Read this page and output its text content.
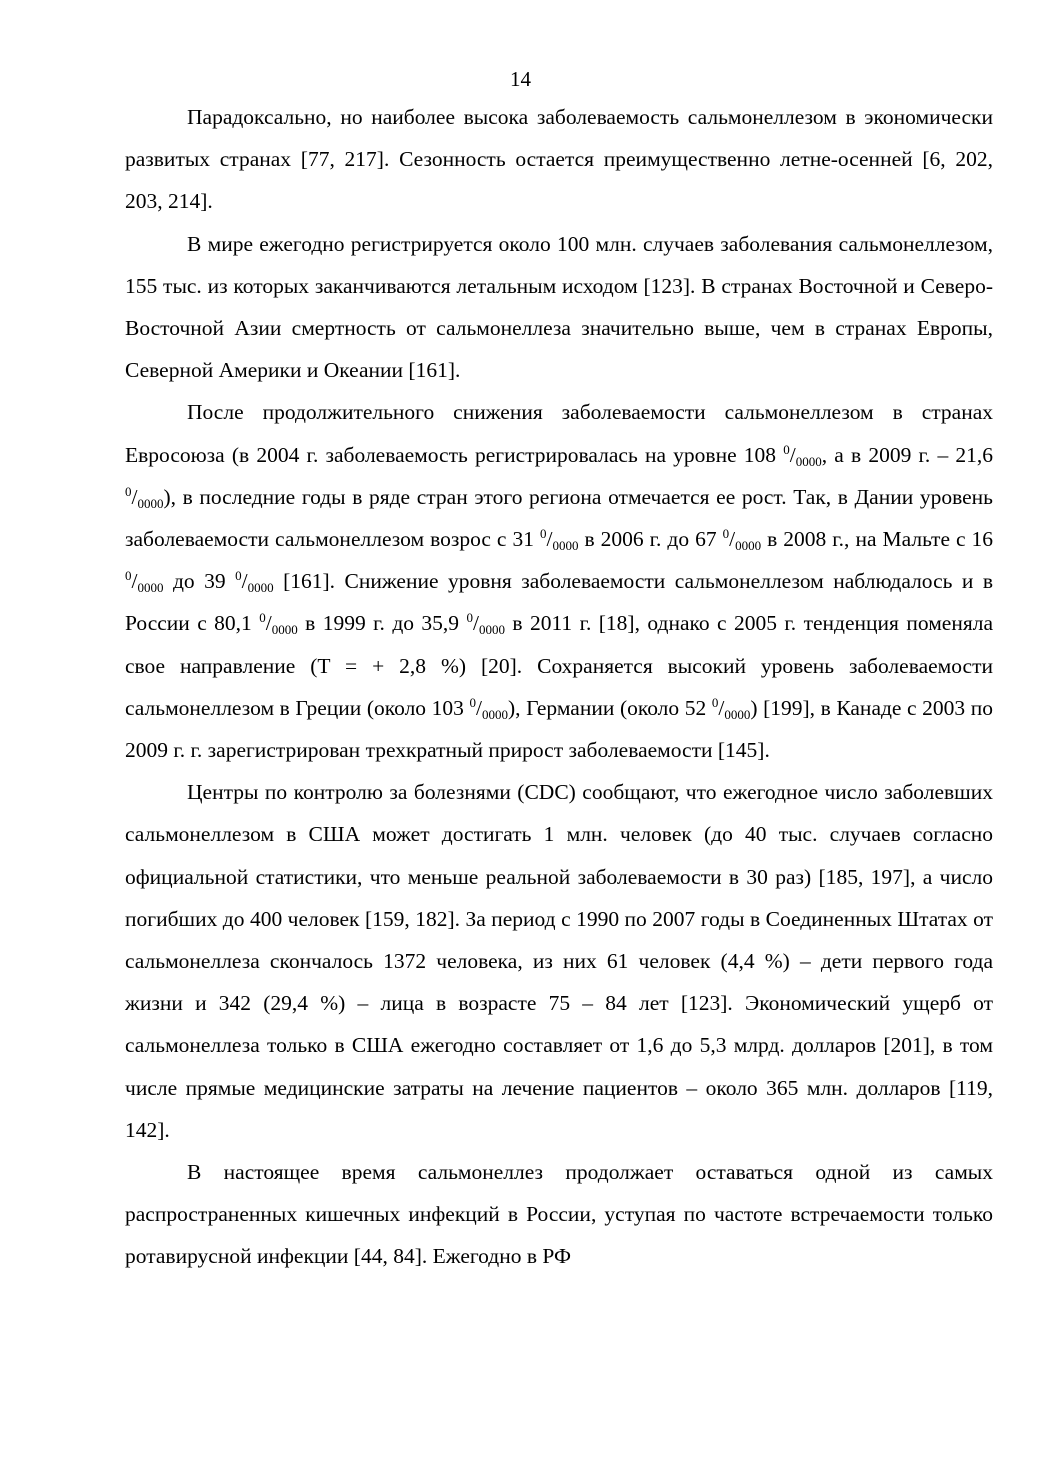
14

Парадоксально, но наиболее высока заболеваемость сальмонеллезом в экономически развитых странах [77, 217]. Сезонность остается преимущественно летне-осенней [6, 202, 203, 214].

В мире ежегодно регистрируется около 100 млн. случаев заболевания сальмонеллезом, 155 тыс. из которых заканчиваются летальным исходом [123]. В странах Восточной и Северо-Восточной Азии смертность от сальмонеллеза значительно выше, чем в странах Европы, Северной Америки и Океании [161].

После продолжительного снижения заболеваемости сальмонеллезом в странах Евросоюза (в 2004 г. заболеваемость регистрировалась на уровне 108 $^0/_{0000}$, а в 2009 г. – 21,6 $^0/_{0000}$), в последние годы в ряде стран этого региона отмечается ее рост. Так, в Дании уровень заболеваемости сальмонеллезом возрос с 31 $^0/_{0000}$ в 2006 г. до 67 $^0/_{0000}$ в 2008 г., на Мальте с 16 $^0/_{0000}$ до 39 $^0/_{0000}$ [161]. Снижение уровня заболеваемости сальмонеллезом наблюдалось и в России с 80,1 $^0/_{0000}$ в 1999 г. до 35,9 $^0/_{0000}$ в 2011 г. [18], однако с 2005 г. тенденция поменяла свое направление (T = + 2,8 %) [20]. Сохраняется высокий уровень заболеваемости сальмонеллезом в Греции (около 103 $^0/_{0000}$), Германии (около 52 $^0/_{0000}$) [199], в Канаде с 2003 по 2009 г. г. зарегистрирован трехкратный прирост заболеваемости [145].

Центры по контролю за болезнями (CDC) сообщают, что ежегодное число заболевших сальмонеллезом в США может достигать 1 млн. человек (до 40 тыс. случаев согласно официальной статистики, что меньше реальной заболеваемости в 30 раз) [185, 197], а число погибших до 400 человек [159, 182]. За период с 1990 по 2007 годы в Соединенных Штатах от сальмонеллеза скончалось 1372 человека, из них 61 человек (4,4 %) – дети первого года жизни и 342 (29,4 %) – лица в возрасте 75 – 84 лет [123]. Экономический ущерб от сальмонеллеза только в США ежегодно составляет от 1,6 до 5,3 млрд. долларов [201], в том числе прямые медицинские затраты на лечение пациентов – около 365 млн. долларов [119, 142].

В настоящее время сальмонеллез продолжает оставаться одной из самых распространенных кишечных инфекций в России, уступая по частоте встречаемости только ротавирусной инфекции [44, 84]. Ежегодно в РФ
